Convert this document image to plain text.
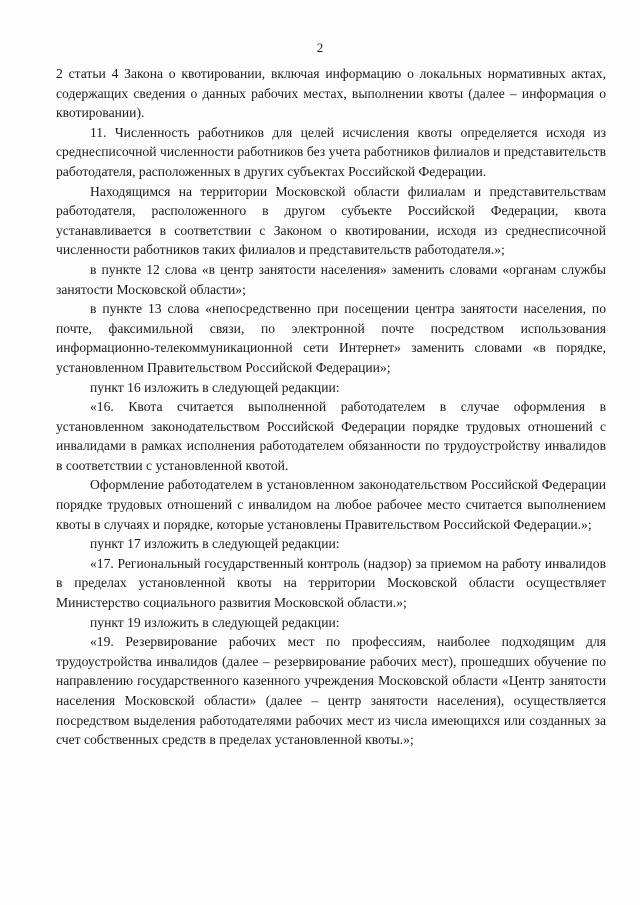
2

2 статьи 4 Закона о квотировании, включая информацию о локальных нормативных актах, содержащих сведения о данных рабочих местах, выполнении квоты (далее – информация о квотировании).

11. Численность работников для целей исчисления квоты определяется исходя из среднесписочной численности работников без учета работников филиалов и представительств работодателя, расположенных в других субъектах Российской Федерации.

Находящимся на территории Московской области филиалам и представительствам работодателя, расположенного в другом субъекте Российской Федерации, квота устанавливается в соответствии с Законом о квотировании, исходя из среднесписочной численности работников таких филиалов и представительств работодателя.»;

в пункте 12 слова «в центр занятости населения» заменить словами «органам службы занятости Московской области»;

в пункте 13 слова «непосредственно при посещении центра занятости населения, по почте, факсимильной связи, по электронной почте посредством использования информационно-телекоммуникационной сети Интернет» заменить словами «в порядке, установленном Правительством Российской Федерации»;

пункт 16 изложить в следующей редакции:

«16. Квота считается выполненной работодателем в случае оформления в установленном законодательством Российской Федерации порядке трудовых отношений с инвалидами в рамках исполнения работодателем обязанности по трудоустройству инвалидов в соответствии с установленной квотой.

Оформление работодателем в установленном законодательством Российской Федерации порядке трудовых отношений с инвалидом на любое рабочее место считается выполнением квоты в случаях и порядке, которые установлены Правительством Российской Федерации.»;

пункт 17 изложить в следующей редакции:

«17. Региональный государственный контроль (надзор) за приемом на работу инвалидов в пределах установленной квоты на территории Московской области осуществляет Министерство социального развития Московской области.»;

пункт 19 изложить в следующей редакции:

«19. Резервирование рабочих мест по профессиям, наиболее подходящим для трудоустройства инвалидов (далее – резервирование рабочих мест), прошедших обучение по направлению государственного казенного учреждения Московской области «Центр занятости населения Московской области» (далее – центр занятости населения), осуществляется посредством выделения работодателями рабочих мест из числа имеющихся или созданных за счет собственных средств в пределах установленной квоты.»;
